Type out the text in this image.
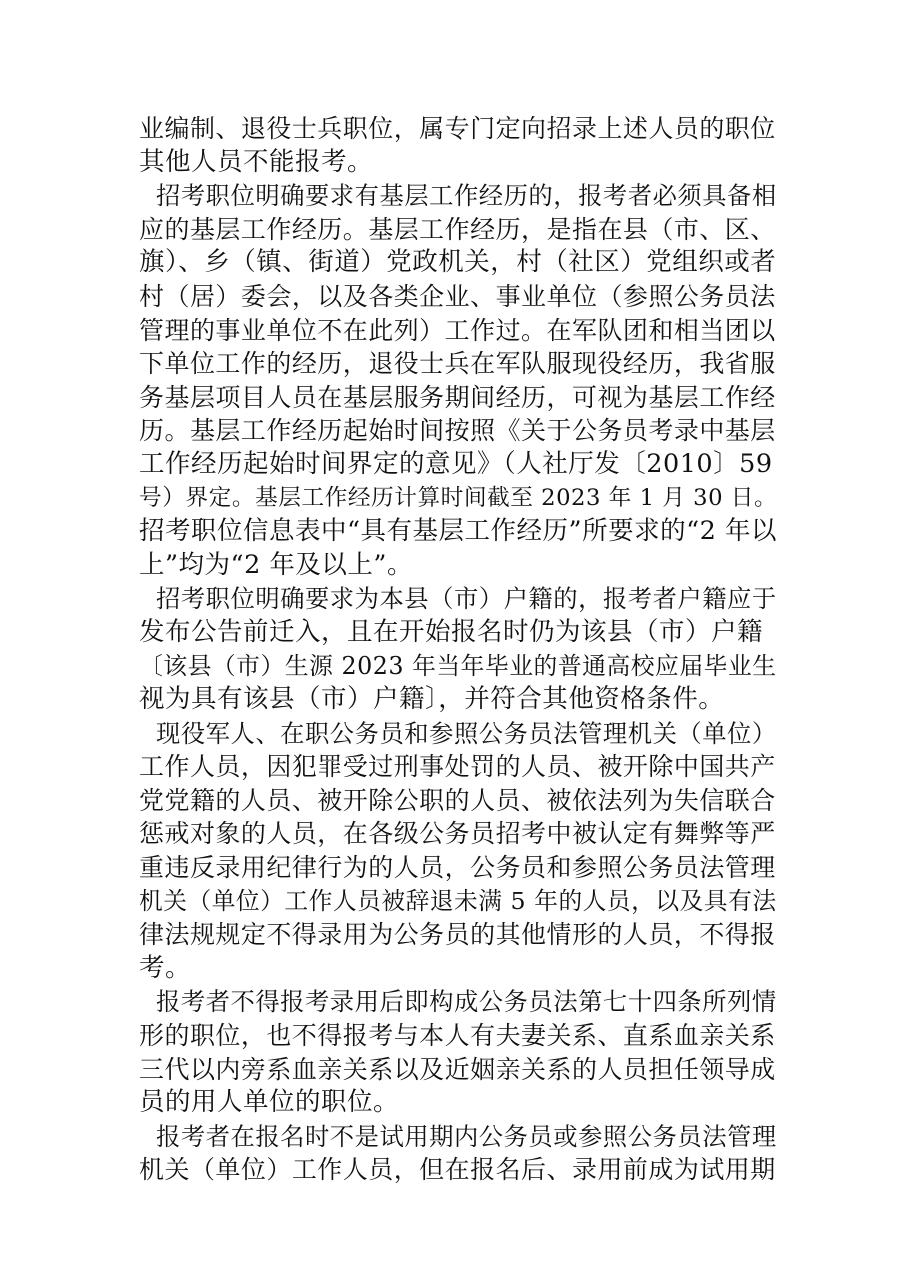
业编制、退役士兵职位，属专门定向招录上述人员的职位
其他人员不能报考。
招考职位明确要求有基层工作经历的，报考者必须具备相
应的基层工作经历。基层工作经历，是指在县（市、区、
旗）、乡（镇、街道）党政机关，村（社区）党组织或者
村（居）委会，以及各类企业、事业单位（参照公务员法
管理的事业单位不在此列）工作过。在军队团和相当团以
下单位工作的经历，退役士兵在军队服现役经历，我省服
务基层项目人员在基层服务期间经历，可视为基层工作经
历。基层工作经历起始时间按照《关于公务员考录中基层
工作经历起始时间界定的意见》（人社厅发〔2010〕59
号）界定。基层工作经历计算时间截至 2023 年 1 月 30 日。
招考职位信息表中“具有基层工作经历”所要求的“2 年以
上”均为“2 年及以上”。
招考职位明确要求为本县（市）户籍的，报考者户籍应于
发布公告前迁入，且在开始报名时仍为该县（市）户籍
〔该县（市）生源 2023 年当年毕业的普通高校应届毕业生
视为具有该县（市）户籍〕，并符合其他资格条件。
现役军人、在职公务员和参照公务员法管理机关（单位）
工作人员，因犯罪受过刑事处罚的人员、被开除中国共产
党党籍的人员、被开除公职的人员、被依法列为失信联合
惩戒对象的人员，在各级公务员招考中被认定有舞弊等严
重违反录用纪律行为的人员，公务员和参照公务员法管理
机关（单位）工作人员被辞退未满 5 年的人员，以及具有法
律法规规定不得录用为公务员的其他情形的人员，不得报
考。
报考者不得报考录用后即构成公务员法第七十四条所列情
形的职位，也不得报考与本人有夫妻关系、直系血亲关系
三代以内旁系血亲关系以及近姻亲关系的人员担任领导成
员的用人单位的职位。
报考者在报名时不是试用期内公务员或参照公务员法管理
机关（单位）工作人员，但在报名后、录用前成为试用期
